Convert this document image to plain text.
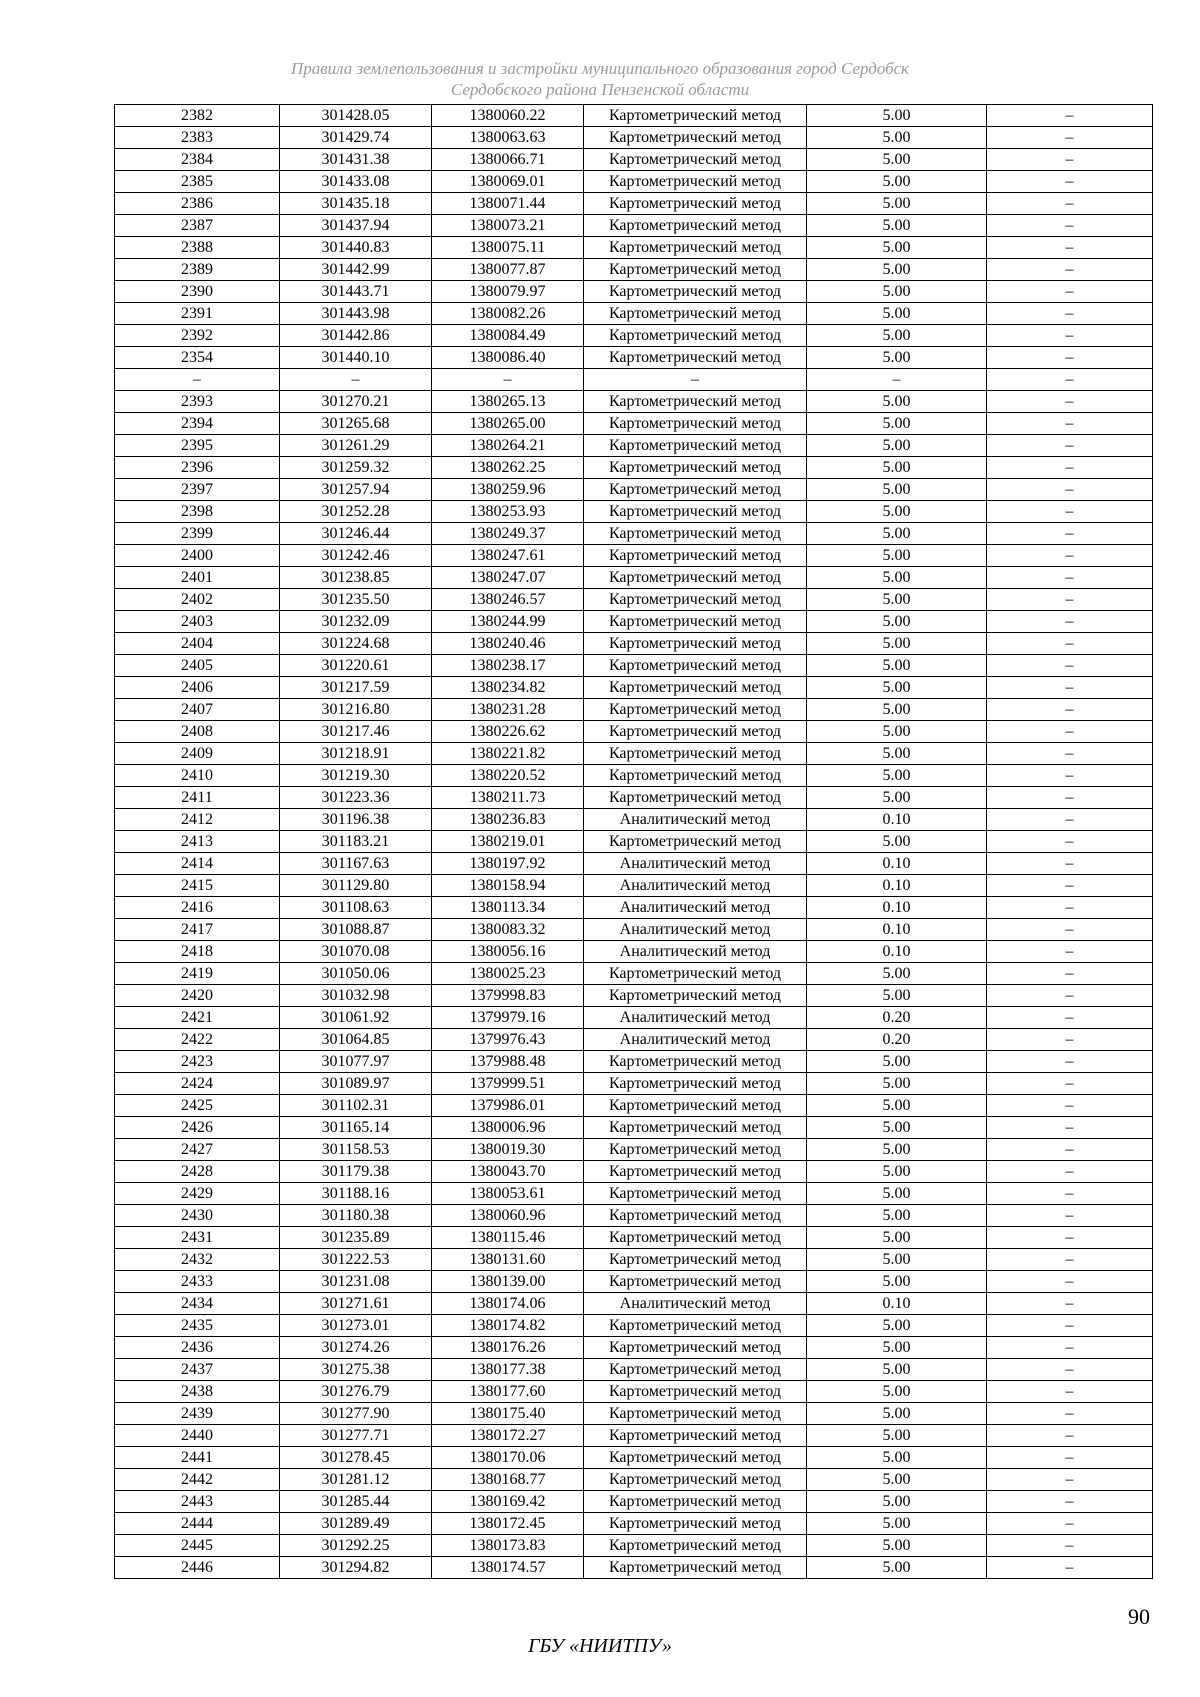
Правила землепользования и застройки муниципального образования город Сердобск
Сердобского района Пензенской области
2382	301428.05	1380060.22	Картометрический метод	5.00	–
2383	301429.74	1380063.63	Картометрический метод	5.00	–
2384	301431.38	1380066.71	Картометрический метод	5.00	–
2385	301433.08	1380069.01	Картометрический метод	5.00	–
2386	301435.18	1380071.44	Картометрический метод	5.00	–
2387	301437.94	1380073.21	Картометрический метод	5.00	–
2388	301440.83	1380075.11	Картометрический метод	5.00	–
2389	301442.99	1380077.87	Картометрический метод	5.00	–
2390	301443.71	1380079.97	Картометрический метод	5.00	–
2391	301443.98	1380082.26	Картометрический метод	5.00	–
2392	301442.86	1380084.49	Картометрический метод	5.00	–
2354	301440.10	1380086.40	Картометрический метод	5.00	–
–	–	–	–	–	–
2393	301270.21	1380265.13	Картометрический метод	5.00	–
2394	301265.68	1380265.00	Картометрический метод	5.00	–
2395	301261.29	1380264.21	Картометрический метод	5.00	–
2396	301259.32	1380262.25	Картометрический метод	5.00	–
2397	301257.94	1380259.96	Картометрический метод	5.00	–
2398	301252.28	1380253.93	Картометрический метод	5.00	–
2399	301246.44	1380249.37	Картометрический метод	5.00	–
2400	301242.46	1380247.61	Картометрический метод	5.00	–
2401	301238.85	1380247.07	Картометрический метод	5.00	–
2402	301235.50	1380246.57	Картометрический метод	5.00	–
2403	301232.09	1380244.99	Картометрический метод	5.00	–
2404	301224.68	1380240.46	Картометрический метод	5.00	–
2405	301220.61	1380238.17	Картометрический метод	5.00	–
2406	301217.59	1380234.82	Картометрический метод	5.00	–
2407	301216.80	1380231.28	Картометрический метод	5.00	–
2408	301217.46	1380226.62	Картометрический метод	5.00	–
2409	301218.91	1380221.82	Картометрический метод	5.00	–
2410	301219.30	1380220.52	Картометрический метод	5.00	–
2411	301223.36	1380211.73	Картометрический метод	5.00	–
2412	301196.38	1380236.83	Аналитический метод	0.10	–
2413	301183.21	1380219.01	Картометрический метод	5.00	–
2414	301167.63	1380197.92	Аналитический метод	0.10	–
2415	301129.80	1380158.94	Аналитический метод	0.10	–
2416	301108.63	1380113.34	Аналитический метод	0.10	–
2417	301088.87	1380083.32	Аналитический метод	0.10	–
2418	301070.08	1380056.16	Аналитический метод	0.10	–
2419	301050.06	1380025.23	Картометрический метод	5.00	–
2420	301032.98	1379998.83	Картометрический метод	5.00	–
2421	301061.92	1379979.16	Аналитический метод	0.20	–
2422	301064.85	1379976.43	Аналитический метод	0.20	–
2423	301077.97	1379988.48	Картометрический метод	5.00	–
2424	301089.97	1379999.51	Картометрический метод	5.00	–
2425	301102.31	1379986.01	Картометрический метод	5.00	–
2426	301165.14	1380006.96	Картометрический метод	5.00	–
2427	301158.53	1380019.30	Картометрический метод	5.00	–
2428	301179.38	1380043.70	Картометрический метод	5.00	–
2429	301188.16	1380053.61	Картометрический метод	5.00	–
2430	301180.38	1380060.96	Картометрический метод	5.00	–
2431	301235.89	1380115.46	Картометрический метод	5.00	–
2432	301222.53	1380131.60	Картометрический метод	5.00	–
2433	301231.08	1380139.00	Картометрический метод	5.00	–
2434	301271.61	1380174.06	Аналитический метод	0.10	–
2435	301273.01	1380174.82	Картометрический метод	5.00	–
2436	301274.26	1380176.26	Картометрический метод	5.00	–
2437	301275.38	1380177.38	Картометрический метод	5.00	–
2438	301276.79	1380177.60	Картометрический метод	5.00	–
2439	301277.90	1380175.40	Картометрический метод	5.00	–
2440	301277.71	1380172.27	Картометрический метод	5.00	–
2441	301278.45	1380170.06	Картометрический метод	5.00	–
2442	301281.12	1380168.77	Картометрический метод	5.00	–
2443	301285.44	1380169.42	Картометрический метод	5.00	–
2444	301289.49	1380172.45	Картометрический метод	5.00	–
2445	301292.25	1380173.83	Картометрический метод	5.00	–
2446	301294.82	1380174.57	Картометрический метод	5.00	–
90
ГБУ «НИИТПУ»
